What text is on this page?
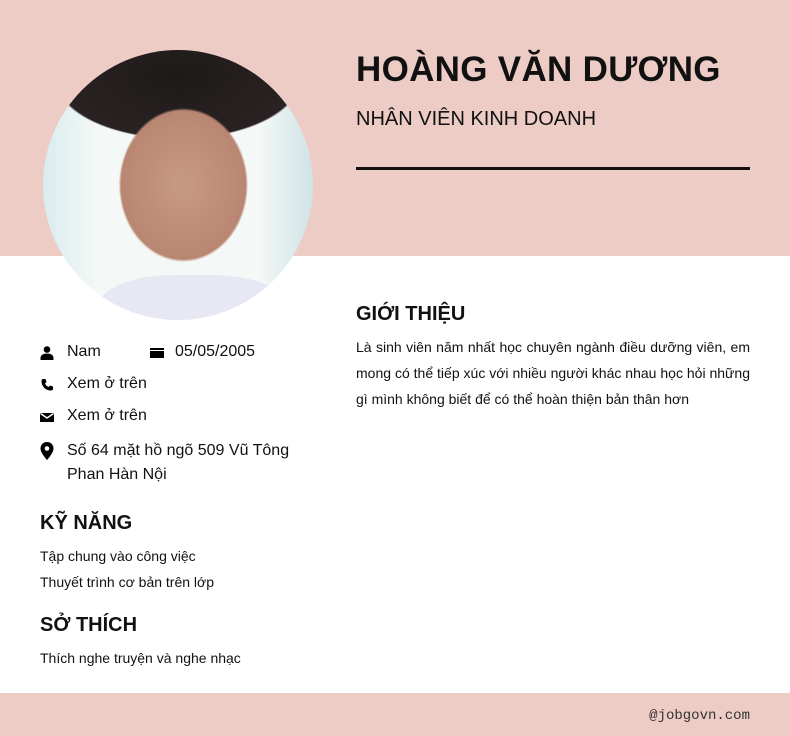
HOÀNG VĂN DƯƠNG
NHÂN VIÊN KINH DOANH
Nam	05/05/2005
Xem ở trên
Xem ở trên
Số 64 mặt hồ ngõ 509 Vũ Tông
Phan Hàn Nội
KỸ NĂNG
Tập chung vào công việc
Thuyết trình cơ bản trên lớp
SỞ THÍCH
Thích nghe truyện và nghe nhạc
GIỚI THIỆU
Là sinh viên năm nhất học chuyên ngành điều dưỡng viên, em mong có thể tiếp xúc với nhiều người khác nhau học hỏi những gì mình không biết để có thể hoàn thiện bản thân hơn
@jobgovn.com
